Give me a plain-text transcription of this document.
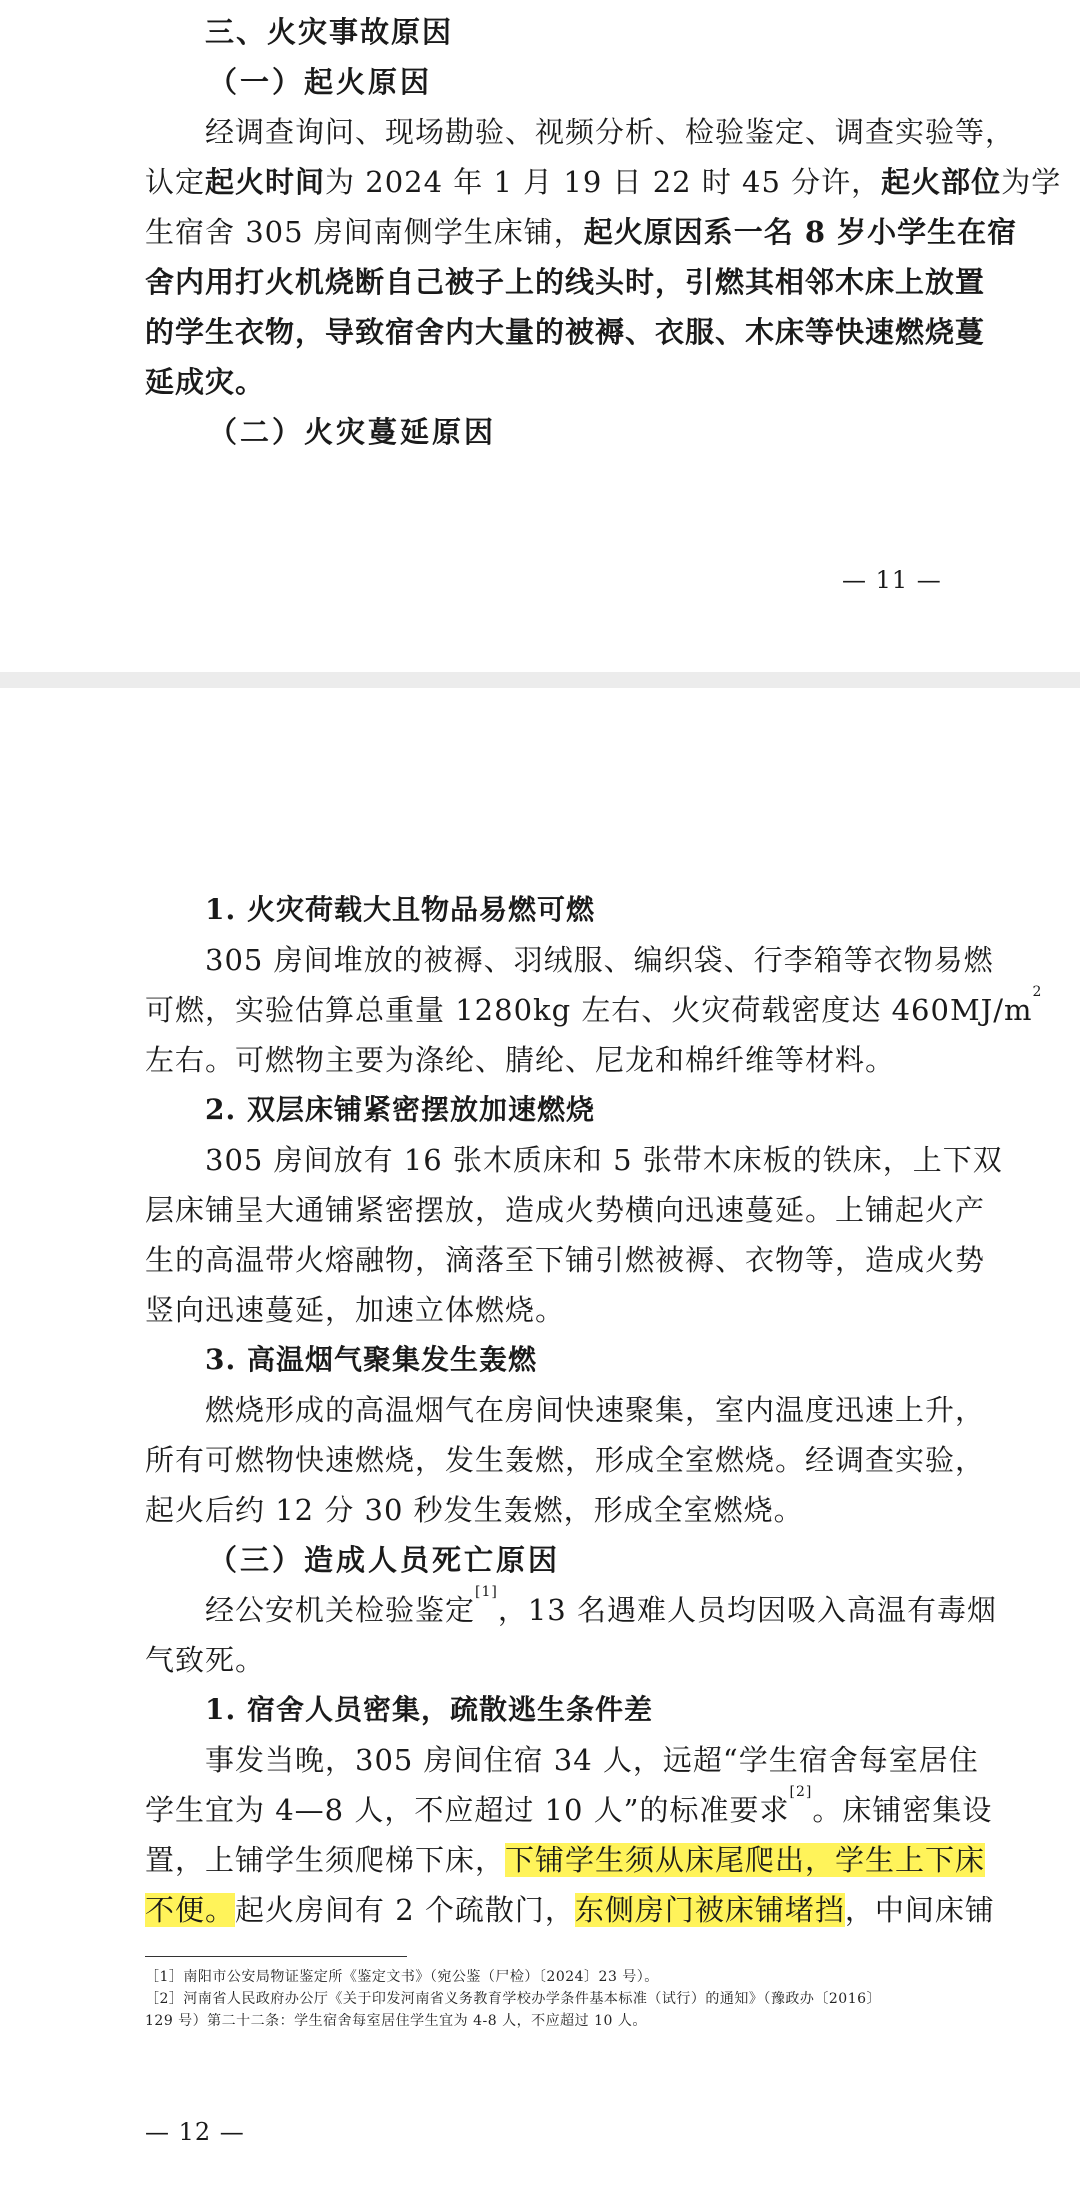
三、火灾事故原因
（一）起火原因
经调查询问、现场勘验、视频分析、检验鉴定、调查实验等，
认定起火时间为 2024 年 1 月 19 日 22 时 45 分许，起火部位为学
生宿舍 305 房间南侧学生床铺，起火原因系一名 8 岁小学生在宿
舍内用打火机烧断自己被子上的线头时，引燃其相邻木床上放置
的学生衣物，导致宿舍内大量的被褥、衣服、木床等快速燃烧蔓
延成灾。
（二）火灾蔓延原因
— 11 —
1. 火灾荷载大且物品易燃可燃
305 房间堆放的被褥、羽绒服、编织袋、行李箱等衣物易燃
可燃，实验估算总重量 1280kg 左右、火灾荷载密度达 $460MJ/m^2$
左右。可燃物主要为涤纶、腈纶、尼龙和棉纤维等材料。
2. 双层床铺紧密摆放加速燃烧
305 房间放有 16 张木质床和 5 张带木床板的铁床，上下双
层床铺呈大通铺紧密摆放，造成火势横向迅速蔓延。上铺起火产
生的高温带火熔融物，滴落至下铺引燃被褥、衣物等，造成火势
竖向迅速蔓延，加速立体燃烧。
3. 高温烟气聚集发生轰燃
燃烧形成的高温烟气在房间快速聚集，室内温度迅速上升，
所有可燃物快速燃烧，发生轰燃，形成全室燃烧。经调查实验，
起火后约 12 分 30 秒发生轰燃，形成全室燃烧。
（三）造成人员死亡原因
经公安机关检验鉴定[1]，13 名遇难人员均因吸入高温有毒烟
气致死。
1. 宿舍人员密集，疏散逃生条件差
事发当晚，305 房间住宿 34 人，远超“学生宿舍每室居住
学生宜为 4—8 人，不应超过 10 人”的标准要求[2]。床铺密集设
置，上铺学生须爬梯下床，下铺学生须从床尾爬出，学生上下床
不便。起火房间有 2 个疏散门，东侧房门被床铺堵挡，中间床铺
［1］南阳市公安局物证鉴定所《鉴定文书》（宛公鉴（尸检）〔2024〕23 号）。
［2］河南省人民政府办公厅《关于印发河南省义务教育学校办学条件基本标准（试行）的通知》（豫政办〔2016〕
129 号）第二十二条：学生宿舍每室居住学生宜为 4-8 人，不应超过 10 人。
— 12 —
